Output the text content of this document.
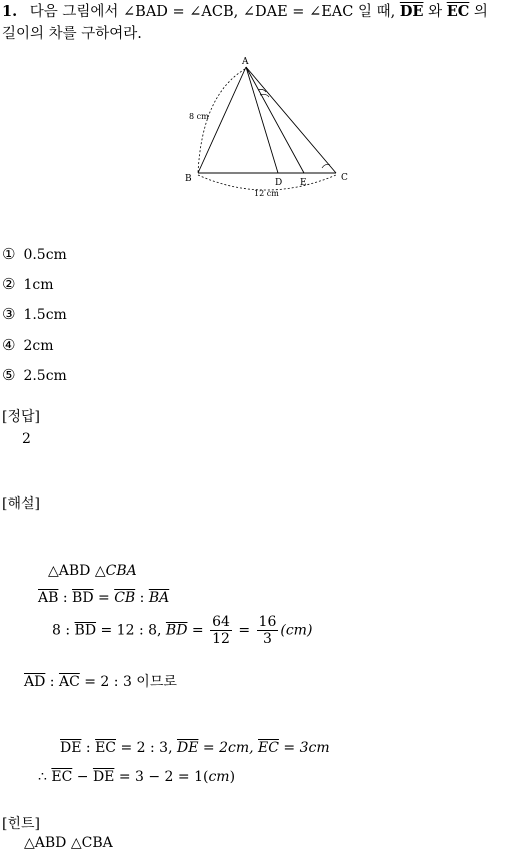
1. 다음 그림에서 ∠BAD = ∠ACB, ∠DAE = ∠EAC 일 때, $\overline{DE}$ 와 $\overline{EC}$ 의
길이의 차를 구하여라.
A
B	C
D E
8 cm
12 cm
① 0.5cm
② 1cm
③ 1.5cm
④ 2cm
⑤ 2.5cm
[정답]
2
[해설]
△ABD △CBA
$\overline{AB}$ : $\overline{BD} = \overline{CB}$ : $\overline{BA}$
8 : $\overline{BD} = 12$ : 8, $\overline{BD} = \frac{64}{12} = \frac{16}{3} (cm)$
$\overline{AD}$ : $\overline{AC} = 2$ : 3 이므로
$\overline{DE}$ : $\overline{EC} = 2$ : 3, $\overline{DE} = 2cm$, $\overline{EC} = 3cm$
∴ $\overline{EC} - \overline{DE} = 3 - 2 = 1(cm)$
[힌트]
△ABD △CBA
